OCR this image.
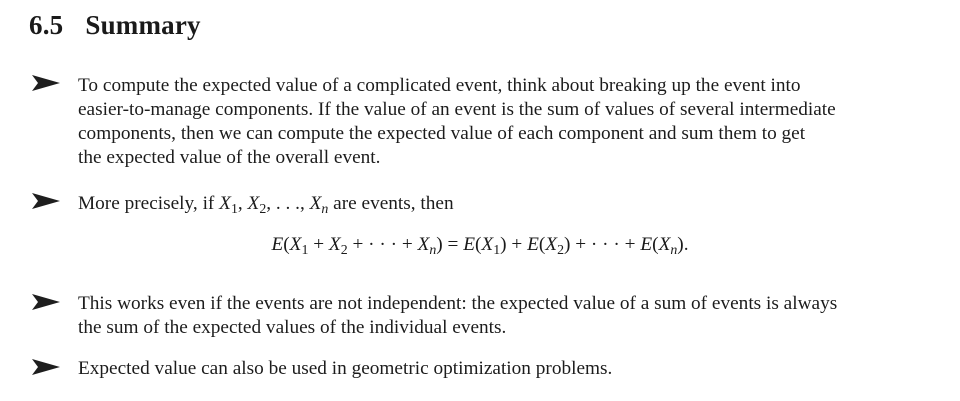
6.5 Summary
To compute the expected value of a complicated event, think about breaking up the event into
easier-to-manage components. If the value of an event is the sum of values of several intermediate
components, then we can compute the expected value of each component and sum them to get
the expected value of the overall event.
More precisely, if $X_1$, $X_2$, . . ., $X_n$ are events, then
$E(X_1 + X_2$ + · · · + $X_n) = E(X_1) + E(X_2)$ + · · · + $E(X_n)$.
This works even if the events are not independent: the expected value of a sum of events is always
the sum of the expected values of the individual events.
Expected value can also be used in geometric optimization problems.
